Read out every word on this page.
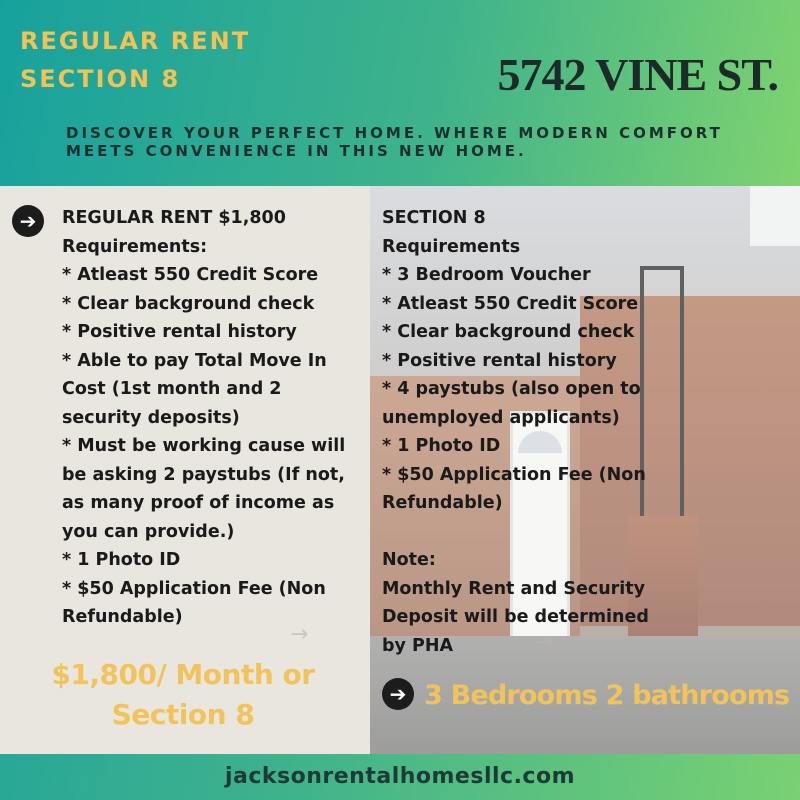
REGULAR RENT
SECTION 8	5742 VINE ST.
DISCOVER YOUR PERFECT HOME. WHERE MODERN COMFORT MEETS CONVENIENCE IN THIS NEW HOME.
➔	REGULAR RENT $1,800
Requirements:
* Atleast 550 Credit Score
* Clear background check
* Positive rental history
* Able to pay Total Move In Cost (1st month and 2 security deposits)
* Must be working cause will be asking 2 paystubs (If not, as many proof of income as you can provide.)
* 1 Photo ID
* $50 Application Fee (Non Refundable)
SECTION 8
Requirements
* 3 Bedroom Voucher
* Atleast 550 Credit Score
* Clear background check
* Positive rental history
* 4 paystubs (also open to unemployed applicants)
* 1 Photo ID
* $50 Application Fee (Non Refundable)
Note:
Monthly Rent and Security Deposit will be determined by PHA
→	→
$1,800/ Month or
Section 8
➔ 3 Bedrooms 2 bathrooms
jacksonrentalhomesllc.com
